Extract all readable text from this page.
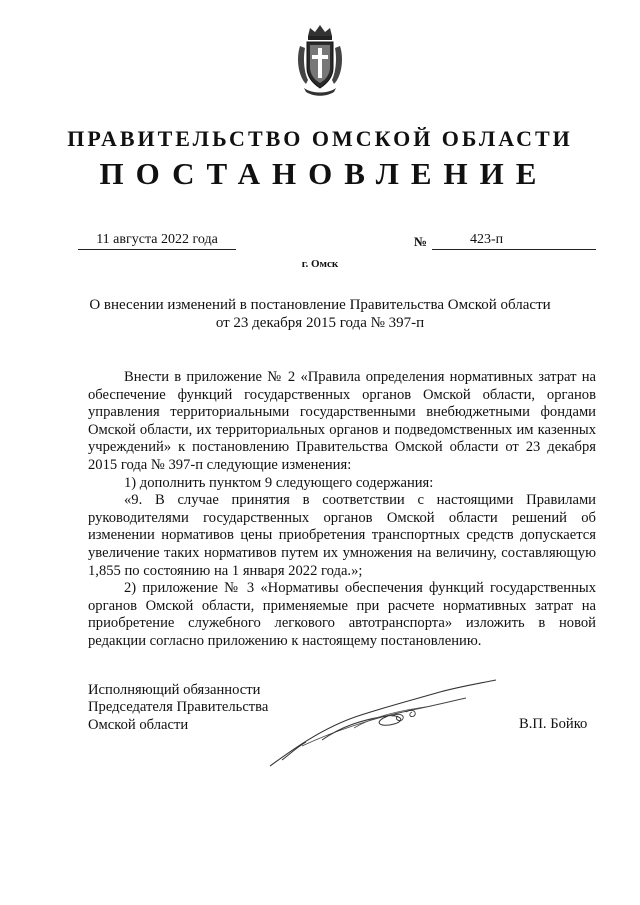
ПРАВИТЕЛЬСТВО ОМСКОЙ ОБЛАСТИ
ПОСТАНОВЛЕНИЕ
11 августа 2022 года	№	423-п
г. Омск
О внесении изменений в постановление Правительства Омской области
от 23 декабря 2015 года № 397-п

Внести в приложение № 2 «Правила определения нормативных затрат на обеспечение функций государственных органов Омской области, органов управления территориальными государственными внебюджетными фондами Омской области, их территориальных органов и подведомственных им казенных учреждений» к постановлению Правительства Омской области от 23 декабря 2015 года № 397-п следующие изменения:

1) дополнить пунктом 9 следующего содержания:

«9. В случае принятия в соответствии с настоящими Правилами руководителями государственных органов Омской области решений об изменении нормативов цены приобретения транспортных средств допускается увеличение таких нормативов путем их умножения на величину, составляющую 1,855 по состоянию на 1 января 2022 года.»;

2) приложение № 3 «Нормативы обеспечения функций государственных органов Омской области, применяемые при расчете нормативных затрат на приобретение служебного легкового автотранспорта» изложить в новой редакции согласно приложению к настоящему постановлению.

Исполняющий обязанности
Председателя Правительства
Омской области	В.П. Бойко
